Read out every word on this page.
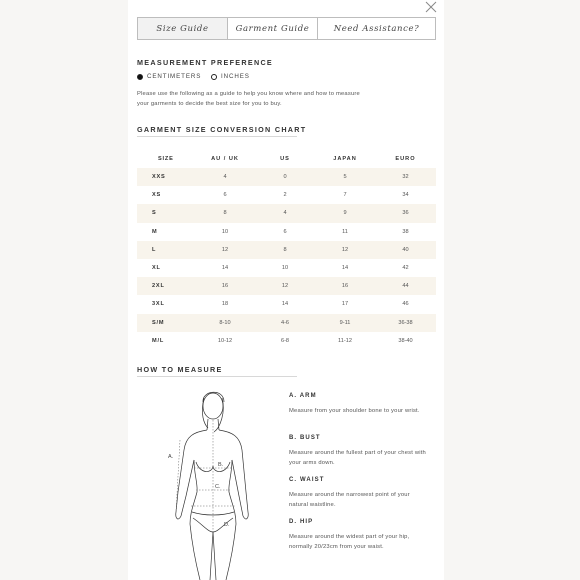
Size Guide	Garment Guide	Need Assistance?
MEASUREMENT PREFERENCE
CENTIMETERS	INCHES
Please use the following as a guide to help you know where and how to measure your garments to decide the best size for you to buy.
GARMENT SIZE CONVERSION CHART
SIZE	AU / UK	US	JAPAN	EURO
XXS	4	0	5	32
XS	6	2	7	34
S	8	4	9	36
M	10	6	11	38
L	12	8	12	40
XL	14	10	14	42
2XL	16	12	16	44
3XL	18	14	17	46
S/M	8-10	4-6	9-11	36-38
M/L	10-12	6-8	11-12	38-40
HOW TO MEASURE
A.
B.
C.
D.
A. ARM
Measure from your shoulder bone to your wrist.
B. BUST
Measure around the fullest part of your chest with your arms down.
C. WAIST
Measure around the narrowest point of your natural waistline.
D. HIP
Measure around the widest part of your hip, normally 20/23cm from your waist.
